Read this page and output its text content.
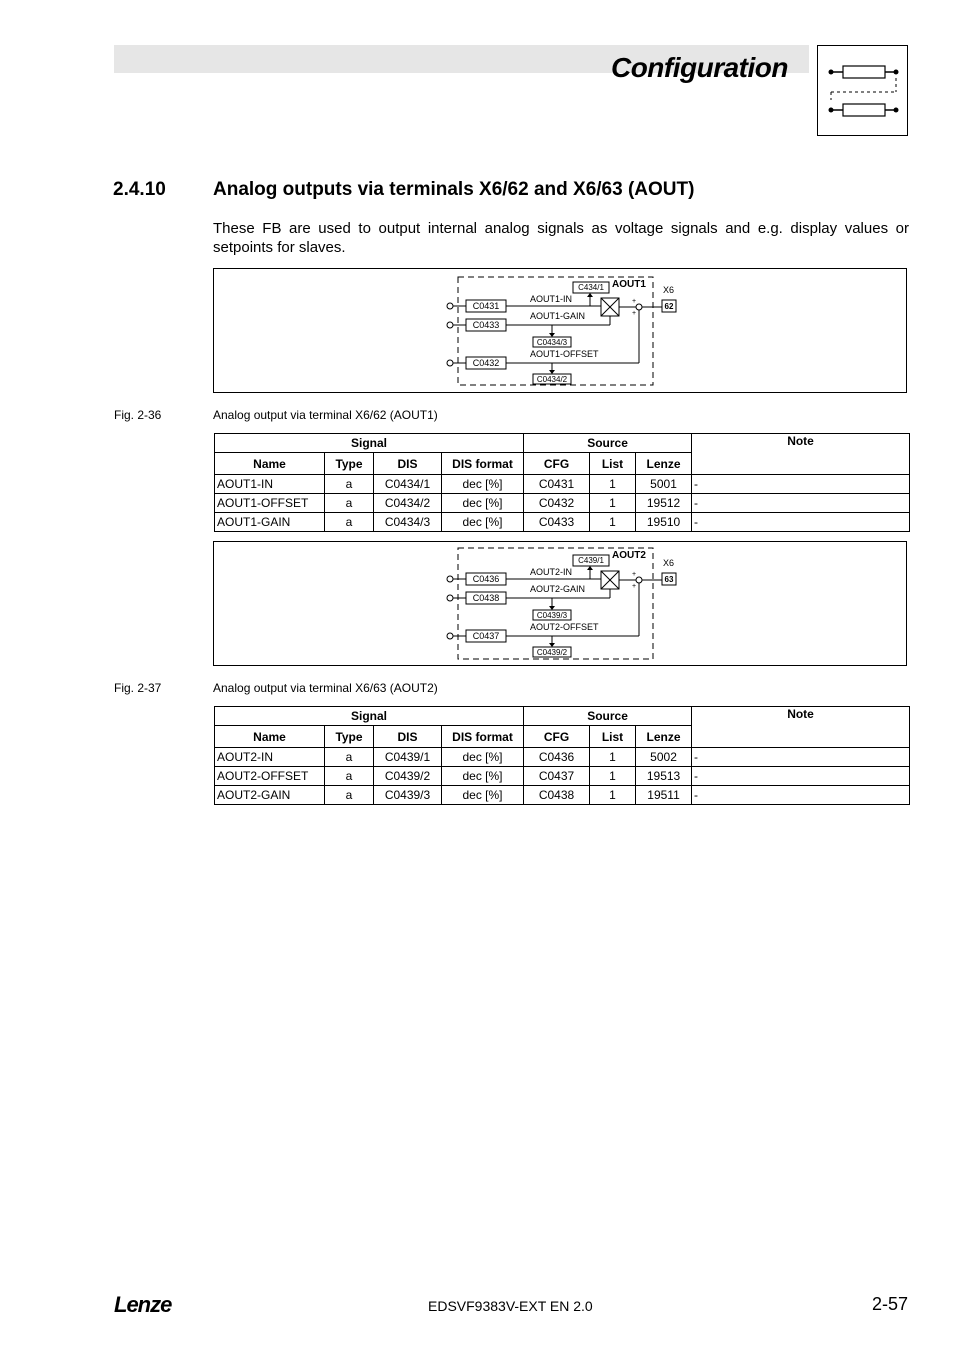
Configuration
2.4.10 Analog outputs via terminals X6/62 and X6/63 (AOUT)
These FB are used to output internal analog signals as voltage signals and e.g. display values or setpoints for slaves.
AOUT1 X6
62
C0431
C0433
C0432
AOUT1-IN
AOUT1-GAIN
AOUT1-OFFSET
+
+
C434/1
C0434/3
C0434/2
Fig. 2-36	Analog output via terminal X6/62 (AOUT1)
Signal				Source			Note
Name	Type	DIS	DIS format	CFG	List	Lenze	
AOUT1-IN	a	C0434/1	dec [%]	C0431	1	5001	-
AOUT1-OFFSET	a	C0434/2	dec [%]	C0432	1	19512	-
AOUT1-GAIN	a	C0434/3	dec [%]	C0433	1	19510	-
AOUT2
X6
63
C0436
C0438
C0437
AOUT2-IN
AOUT2-GAIN
AOUT2-OFFSET
+
+
C439/1
C0439/3
C0439/2
Fig. 2-37	Analog output via terminal X6/63 (AOUT2)
Signal				Source			Note
Name	Type	DIS	DIS format	CFG	List	Lenze	
AOUT2-IN	a	C0439/1	dec [%]	C0436	1	5002	-
AOUT2-OFFSET	a	C0439/2	dec [%]	C0437	1	19513	-
AOUT2-GAIN	a	C0439/3	dec [%]	C0438	1	19511	-
Lenze	EDSVF9383V-EXT EN 2.0	2-57
